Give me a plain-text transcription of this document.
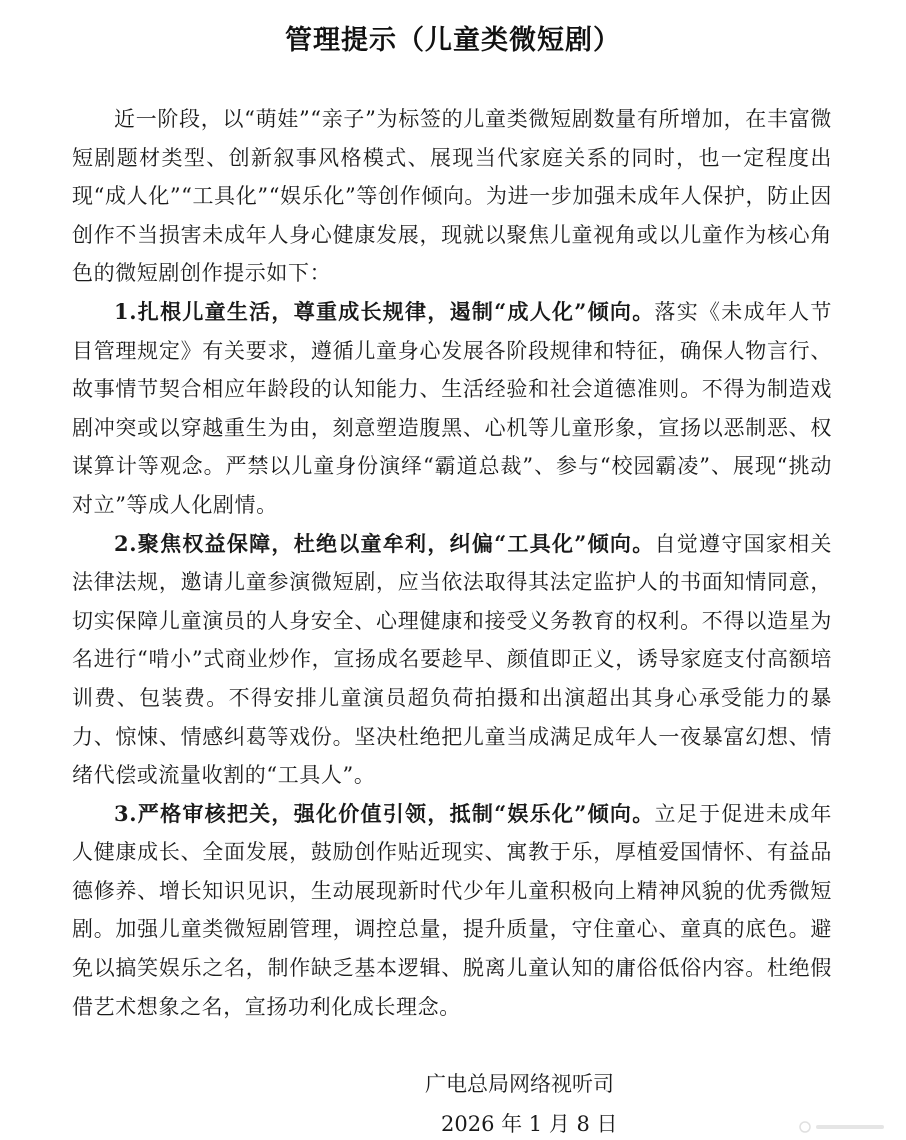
管理提示（儿童类微短剧）

近一阶段，以“萌娃”“亲子”为标签的儿童类微短剧数量有所增加，在丰富微短剧题材类型、创新叙事风格模式、展现当代家庭关系的同时，也一定程度出现“成人化”“工具化”“娱乐化”等创作倾向。为进一步加强未成年人保护，防止因创作不当损害未成年人身心健康发展，现就以聚焦儿童视角或以儿童作为核心角色的微短剧创作提示如下：

1.扎根儿童生活，尊重成长规律，遏制“成人化”倾向。落实《未成年人节目管理规定》有关要求，遵循儿童身心发展各阶段规律和特征，确保人物言行、故事情节契合相应年龄段的认知能力、生活经验和社会道德准则。不得为制造戏剧冲突或以穿越重生为由，刻意塑造腹黑、心机等儿童形象，宣扬以恶制恶、权谋算计等观念。严禁以儿童身份演绎“霸道总裁”、参与“校园霸凌”、展现“挑动对立”等成人化剧情。

2.聚焦权益保障，杜绝以童牟利，纠偏“工具化”倾向。自觉遵守国家相关法律法规，邀请儿童参演微短剧，应当依法取得其法定监护人的书面知情同意，切实保障儿童演员的人身安全、心理健康和接受义务教育的权利。不得以造星为名进行“啃小”式商业炒作，宣扬成名要趁早、颜值即正义，诱导家庭支付高额培训费、包装费。不得安排儿童演员超负荷拍摄和出演超出其身心承受能力的暴力、惊悚、情感纠葛等戏份。坚决杜绝把儿童当成满足成年人一夜暴富幻想、情绪代偿或流量收割的“工具人”。

3.严格审核把关，强化价值引领，抵制“娱乐化”倾向。立足于促进未成年人健康成长、全面发展，鼓励创作贴近现实、寓教于乐，厚植爱国情怀、有益品德修养、增长知识见识，生动展现新时代少年儿童积极向上精神风貌的优秀微短剧。加强儿童类微短剧管理，调控总量，提升质量，守住童心、童真的底色。避免以搞笑娱乐之名，制作缺乏基本逻辑、脱离儿童认知的庸俗低俗内容。杜绝假借艺术想象之名，宣扬功利化成长理念。

广电总局网络视听司
2026 年 1 月 8 日
